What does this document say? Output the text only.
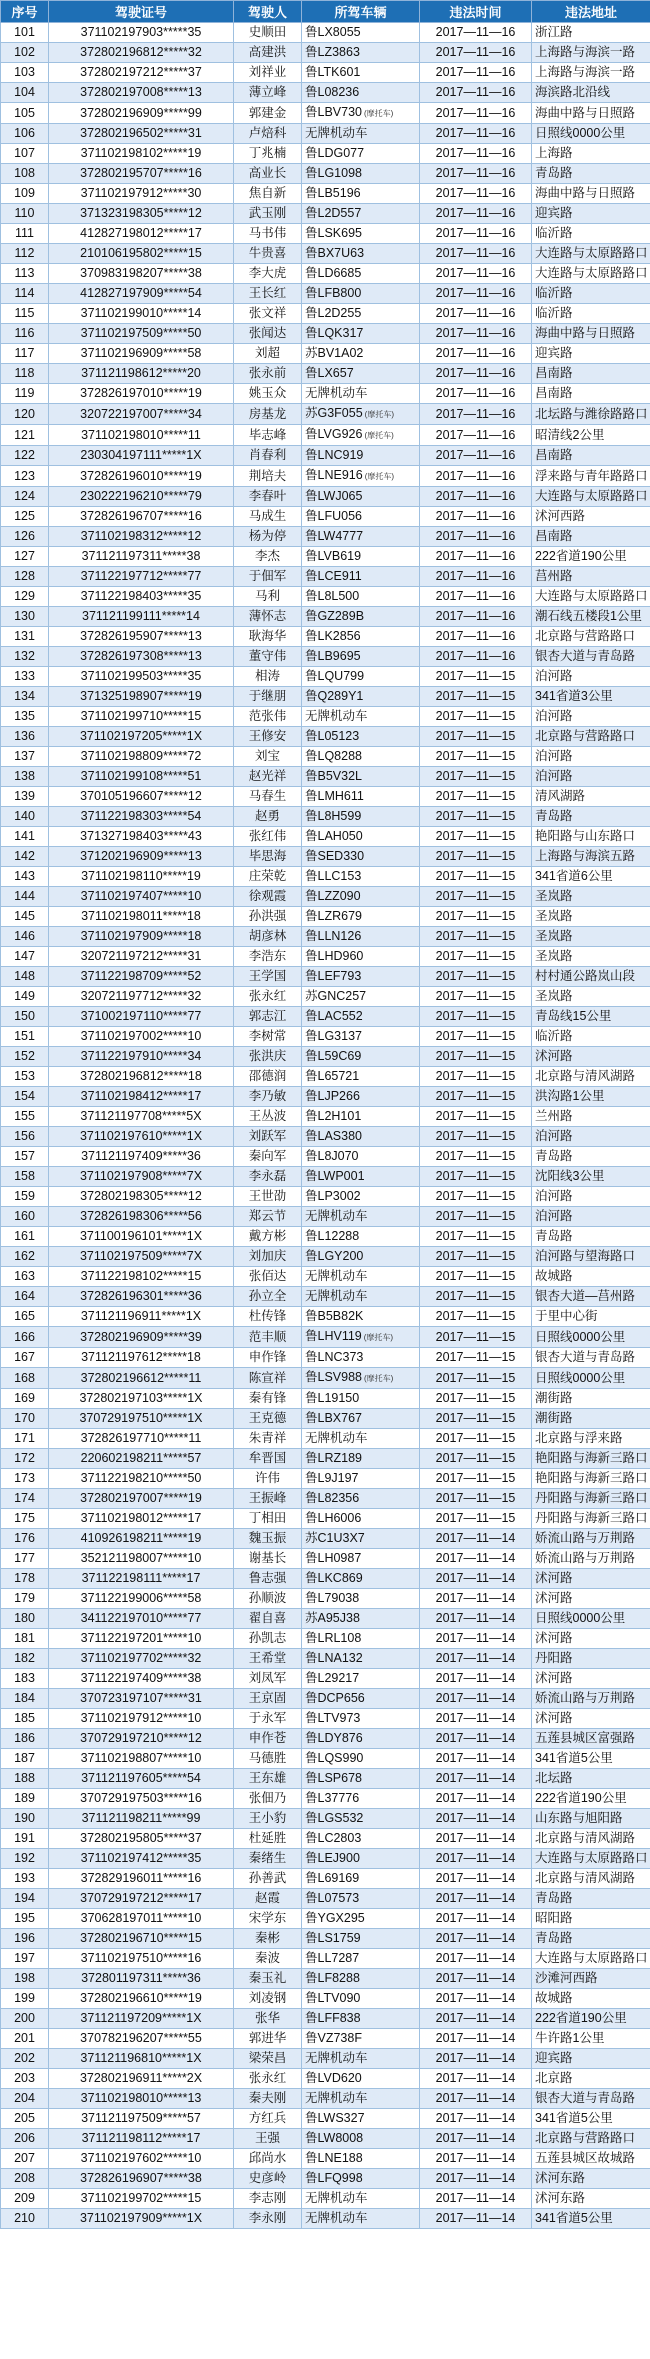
序号	驾驶证号	驾驶人	所驾车辆	违法时间	违法地址
101	371102197903*****35	史顺田	鲁LX8055	2017—11—16	浙江路
102	372802196812*****32	高建洪	鲁LZ3863	2017—11—16	上海路与海滨一路
103	372802197212*****37	刘祥业	鲁LTK601	2017—11—16	上海路与海滨一路
104	372802197008*****13	薄立峰	鲁L08236	2017—11—16	海滨路北沿线
105	372802196909*****99	郭建金	鲁LBV730 (摩托车)	2017—11—16	海曲中路与日照路
106	372802196502*****31	卢焙科	无牌机动车	2017—11—16	日照线0000公里
107	371102198102*****19	丁兆楠	鲁LDG077	2017—11—16	上海路
108	372802195707*****16	高业长	鲁LG1098	2017—11—16	青岛路
109	371102197912*****30	焦自新	鲁LB5196	2017—11—16	海曲中路与日照路
110	371323198305*****12	武玉刚	鲁L2D557	2017—11—16	迎宾路
111	412827198012*****17	马书伟	鲁LSK695	2017—11—16	临沂路
112	210106195802*****15	牛贵喜	鲁BX7U63	2017—11—16	大连路与太原路路口
113	370983198207*****38	李大虎	鲁LD6685	2017—11—16	大连路与太原路路口
114	412827197909*****54	王长红	鲁LFB800	2017—11—16	临沂路
115	371102199010*****14	张文祥	鲁L2D255	2017—11—16	临沂路
116	371102197509*****50	张闻达	鲁LQK317	2017—11—16	海曲中路与日照路
117	371102196909*****58	刘超	苏BV1A02	2017—11—16	迎宾路
118	371121198612*****20	张永前	鲁LX657	2017—11—16	昌南路
119	372826197010*****19	姚玉众	无牌机动车	2017—11—16	昌南路
120	320722197007*****34	房基龙	苏G3F055 (摩托车)	2017—11—16	北坛路与潍徐路路口
121	371102198010*****11	毕志峰	鲁LVG926 (摩托车)	2017—11—16	昭清线2公里
122	230304197111*****1X	肖春利	鲁LNC919	2017—11—16	昌南路
123	372826196010*****19	荆培夫	鲁LNE916 (摩托车)	2017—11—16	浮来路与青年路路口
124	230222196210*****79	李春叶	鲁LWJ065	2017—11—16	大连路与太原路路口
125	372826196707*****16	马成生	鲁LFU056	2017—11—16	沭河西路
126	371102198312*****12	杨为停	鲁LW4777	2017—11—16	昌南路
127	371121197311*****38	李杰	鲁LVB619	2017—11—16	222省道190公里
128	371122197712*****77	于佃军	鲁LCE911	2017—11—16	莒州路
129	371122198403*****35	马利	鲁L8L500	2017—11—16	大连路与太原路路口
130	371121199111*****14	薄怀志	鲁GZ289B	2017—11—16	潮石线五楼段1公里
131	372826195907*****13	耿海华	鲁LK2856	2017—11—16	北京路与营路路口
132	372826197308*****13	董守伟	鲁LB9695	2017—11—16	银杏大道与青岛路
133	371102199503*****35	相涛	鲁LQU799	2017—11—15	泊河路
134	371325198907*****19	于继朋	鲁Q289Y1	2017—11—15	341省道3公里
135	371102199710*****15	范张伟	无牌机动车	2017—11—15	泊河路
136	371102197205*****1X	王修安	鲁L05123	2017—11—15	北京路与营路路口
137	371102198809*****72	刘宝	鲁LQ8288	2017—11—15	泊河路
138	371102199108*****51	赵光祥	鲁B5V32L	2017—11—15	泊河路
139	370105196607*****12	马春生	鲁LMH611	2017—11—15	清风湖路
140	371122198303*****54	赵勇	鲁L8H599	2017—11—15	青岛路
141	371327198403*****43	张红伟	鲁LAH050	2017—11—15	艳阳路与山东路口
142	371202196909*****13	毕思海	鲁SED330	2017—11—15	上海路与海滨五路
143	371102198110*****19	庄荣乾	鲁LLC153	2017—11—15	341省道6公里
144	371102197407*****10	徐观霞	鲁LZZ090	2017—11—15	圣岚路
145	371102198011*****18	孙洪强	鲁LZR679	2017—11—15	圣岚路
146	371102197909*****18	胡彦林	鲁LLN126	2017—11—15	圣岚路
147	320721197212*****31	李浩东	鲁LHD960	2017—11—15	圣岚路
148	371122198709*****52	王学国	鲁LEF793	2017—11—15	村村通公路岚山段
149	320721197712*****32	张永红	苏GNC257	2017—11—15	圣岚路
150	371002197110*****77	郭志江	鲁LAC552	2017—11—15	青岛线15公里
151	371102197002*****10	李树常	鲁LG3137	2017—11—15	临沂路
152	371122197910*****34	张洪庆	鲁L59C69	2017—11—15	沭河路
153	372802196812*****18	邵德润	鲁L65721	2017—11—15	北京路与清风湖路
154	371102198412*****17	李乃敏	鲁LJP266	2017—11—15	洪沟路1公里
155	371121197708*****5X	王丛波	鲁L2H101	2017—11—15	兰州路
156	371102197610*****1X	刘跃军	鲁LAS380	2017—11—15	泊河路
157	371121197409*****36	秦向军	鲁L8J070	2017—11—15	青岛路
158	371102197908*****7X	李永磊	鲁LWP001	2017—11—15	沈阳线3公里
159	372802198305*****12	王世劭	鲁LP3002	2017—11—15	泊河路
160	372826198306*****56	郑云节	无牌机动车	2017—11—15	泊河路
161	371100196101*****1X	戴方彬	鲁L12288	2017—11—15	青岛路
162	371102197509*****7X	刘加庆	鲁LGY200	2017—11—15	泊河路与望海路口
163	371122198102*****15	张佰达	无牌机动车	2017—11—15	故城路
164	372826196301*****36	孙立全	无牌机动车	2017—11—15	银杏大道—莒州路
165	371121196911*****1X	杜传锋	鲁B5B82K	2017—11—15	于里中心街
166	372802196909*****39	范丰顺	鲁LHV119 (摩托车)	2017—11—15	日照线0000公里
167	371121197612*****18	申作锋	鲁LNC373	2017—11—15	银杏大道与青岛路
168	372802196612*****11	陈宣祥	鲁LSV988 (摩托车)	2017—11—15	日照线0000公里
169	372802197103*****1X	秦有锋	鲁L19150	2017—11—15	潮街路
170	370729197510*****1X	王克德	鲁LBX767	2017—11—15	潮街路
171	372826197710*****11	朱青祥	无牌机动车	2017—11—15	北京路与浮来路
172	220602198211*****57	牟晋国	鲁LRZ189	2017—11—15	艳阳路与海新三路口
173	371122198210*****50	许伟	鲁L9J197	2017—11—15	艳阳路与海新三路口
174	372802197007*****19	王振峰	鲁L82356	2017—11—15	丹阳路与海新三路口
175	371102198012*****17	丁相田	鲁LH6006	2017—11—15	丹阳路与海新三路口
176	410926198211*****19	魏玉振	苏C1U3X7	2017—11—14	娇流山路与万荆路
177	352121198007*****10	谢基长	鲁LH0987	2017—11—14	娇流山路与万荆路
178	371122198111*****17	鲁志强	鲁LKC869	2017—11—14	沭河路
179	371122199006*****58	孙顺波	鲁L79038	2017—11—14	沭河路
180	341122197010*****77	翟自喜	苏A95J38	2017—11—14	日照线0000公里
181	371122197201*****10	孙凯志	鲁LRL108	2017—11—14	沭河路
182	371102197702*****32	王希堂	鲁LNA132	2017—11—14	丹阳路
183	371122197409*****38	刘凤军	鲁L29217	2017—11—14	沭河路
184	370723197107*****31	王京固	鲁DCP656	2017—11—14	娇流山路与万荆路
185	371102197912*****10	于永军	鲁LTV973	2017—11—14	沭河路
186	370729197210*****12	申作苍	鲁LDY876	2017—11—14	五莲县城区富强路
187	371102198807*****10	马德胜	鲁LQS990	2017—11—14	341省道5公里
188	371121197605*****54	王东雄	鲁LSP678	2017—11—14	北坛路
189	370729197503*****16	张佃乃	鲁L37776	2017—11—14	222省道190公里
190	371121198211*****99	王小豹	鲁LGS532	2017—11—14	山东路与旭阳路
191	372802195805*****37	杜延胜	鲁LC2803	2017—11—14	北京路与清风湖路
192	371102197412*****35	秦绪生	鲁LEJ900	2017—11—14	大连路与太原路路口
193	372829196011*****16	孙善武	鲁L69169	2017—11—14	北京路与清风湖路
194	370729197212*****17	赵霞	鲁L07573	2017—11—14	青岛路
195	370628197011*****10	宋学东	鲁YGX295	2017—11—14	昭阳路
196	372802196710*****15	秦彬	鲁LS1759	2017—11—14	青岛路
197	371102197510*****16	秦波	鲁LL7287	2017—11—14	大连路与太原路路口
198	372801197311*****36	秦玉礼	鲁LF8288	2017—11—14	沙滩河西路
199	372802196610*****19	刘凌钢	鲁LTV090	2017—11—14	故城路
200	371121197209*****1X	张华	鲁LFF838	2017—11—14	222省道190公里
201	370782196207*****55	郭进华	鲁VZ738F	2017—11—14	牛许路1公里
202	371121196810*****1X	梁荣昌	无牌机动车	2017—11—14	迎宾路
203	372802196911*****2X	张永红	鲁LVD620	2017—11—14	北京路
204	371102198010*****13	秦夫刚	无牌机动车	2017—11—14	银杏大道与青岛路
205	371121197509*****57	方红兵	鲁LWS327	2017—11—14	341省道5公里
206	371121198112*****17	王强	鲁LW8008	2017—11—14	北京路与营路路口
207	371102197602*****10	邱尚水	鲁LNE188	2017—11—14	五莲县城区故城路
208	372826196907*****38	史彦岭	鲁LFQ998	2017—11—14	沭河东路
209	371102199702*****15	李志刚	无牌机动车	2017—11—14	沭河东路
210	371102197909*****1X	李永刚	无牌机动车	2017—11—14	341省道5公里
